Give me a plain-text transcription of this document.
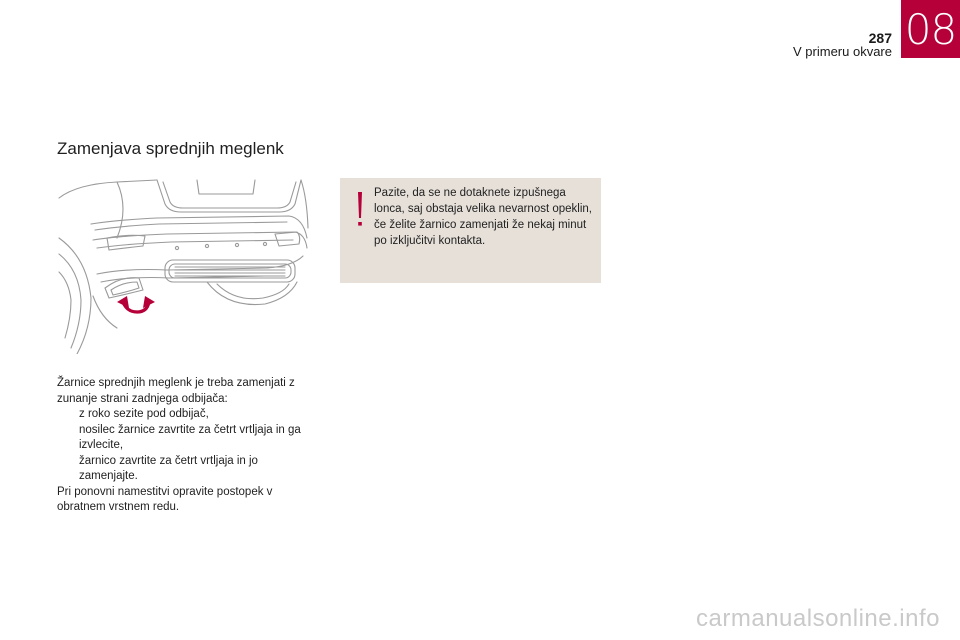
287
V primeru okvare 08
Zamenjava sprednjih meglenk

Pazite, da se ne dotaknete izpušnega lonca, saj obstaja velika nevarnost opeklin, če želite žarnico zamenjati že nekaj minut po izključitvi kontakta.

Žarnice sprednjih meglenk je treba zamenjati z zunanje strani zadnjega odbijača:

z roko sezite pod odbijač,
nosilec žarnice zavrtite za četrt vrtljaja in ga izvlecite,
žarnico zavrtite za četrt vrtljaja in jo zamenjajte.

Pri ponovni namestitvi opravite postopek v obratnem vrstnem redu.

carmanualsonline.info
